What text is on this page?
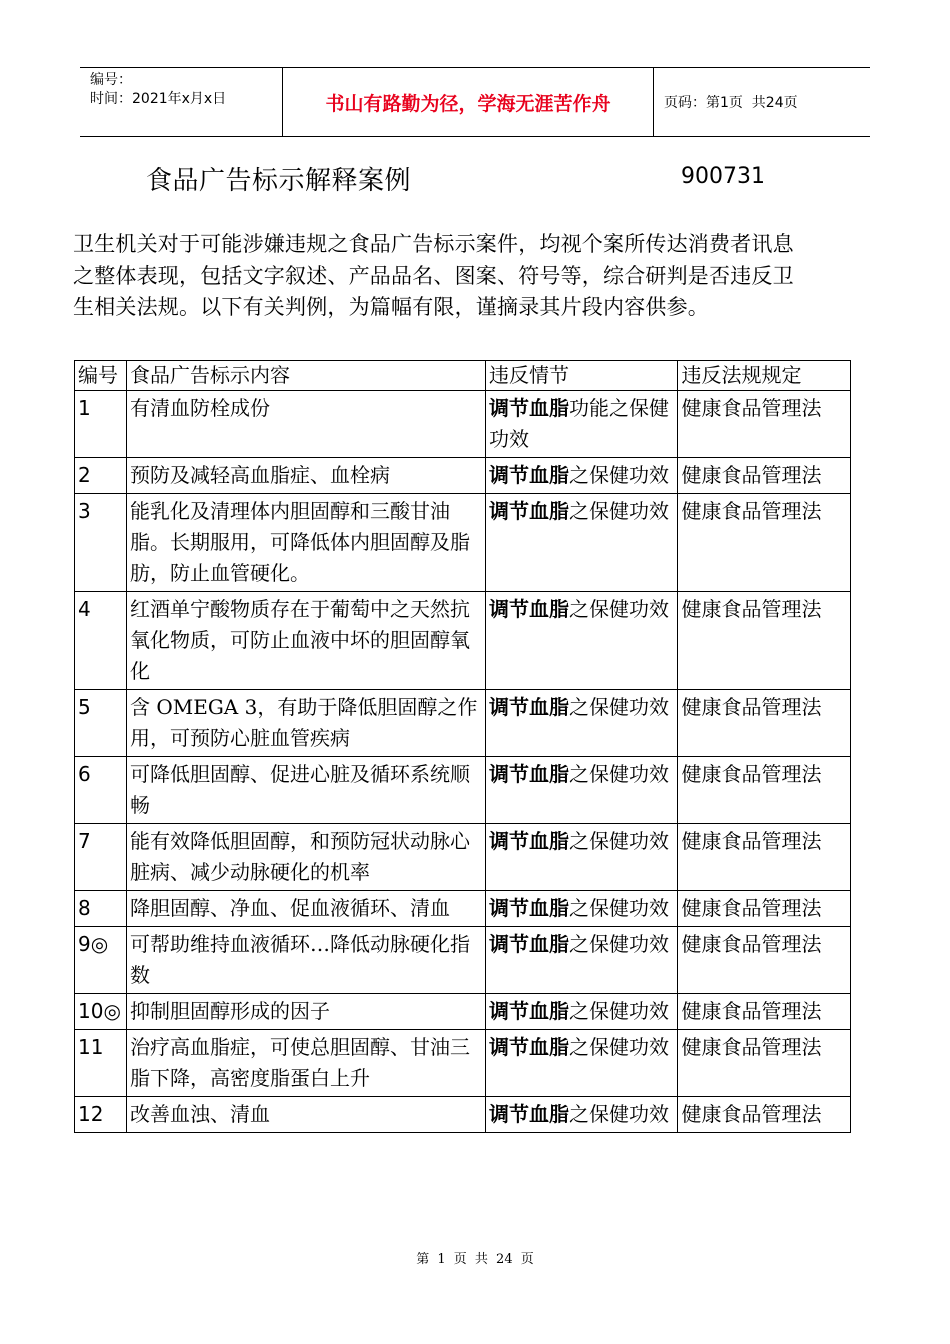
编号：
时间：2021年x月x日	书山有路勤为径，学海无涯苦作舟	页码：第1页  共24页
食品广告标示解释案例	900731
卫生机关对于可能涉嫌违规之食品广告标示案件，均视个案所传达消费者讯息
之整体表现，包括文字叙述、产品品名、图案、符号等，综合研判是否违反卫
生相关法规。以下有关判例，为篇幅有限，谨摘录其片段内容供参。
编号	食品广告标示内容	违反情节	违反法规规定
1	有清血防栓成份	调节血脂功能之保健功效	健康食品管理法
2	预防及减轻高血脂症、血栓病	调节血脂之保健功效	健康食品管理法
3	能乳化及清理体内胆固醇和三酸甘油脂。长期服用，可降低体内胆固醇及脂肪，防止血管硬化。	调节血脂之保健功效	健康食品管理法
4	红酒单宁酸物质存在于葡萄中之天然抗氧化物质，可防止血液中坏的胆固醇氧化	调节血脂之保健功效	健康食品管理法
5	含 OMEGA 3，有助于降低胆固醇之作用，可预防心脏血管疾病	调节血脂之保健功效	健康食品管理法
6	可降低胆固醇、促进心脏及循环系统顺畅	调节血脂之保健功效	健康食品管理法
7	能有效降低胆固醇，和预防冠状动脉心脏病、减少动脉硬化的机率	调节血脂之保健功效	健康食品管理法
8	降胆固醇、净血、促血液循环、清血	调节血脂之保健功效	健康食品管理法
9◎	可帮助维持血液循环…降低动脉硬化指数	调节血脂之保健功效	健康食品管理法
10◎	抑制胆固醇形成的因子	调节血脂之保健功效	健康食品管理法
11	治疗高血脂症，可使总胆固醇、甘油三脂下降，高密度脂蛋白上升	调节血脂之保健功效	健康食品管理法
12	改善血浊、清血	调节血脂之保健功效	健康食品管理法
第 1 页 共 24 页
